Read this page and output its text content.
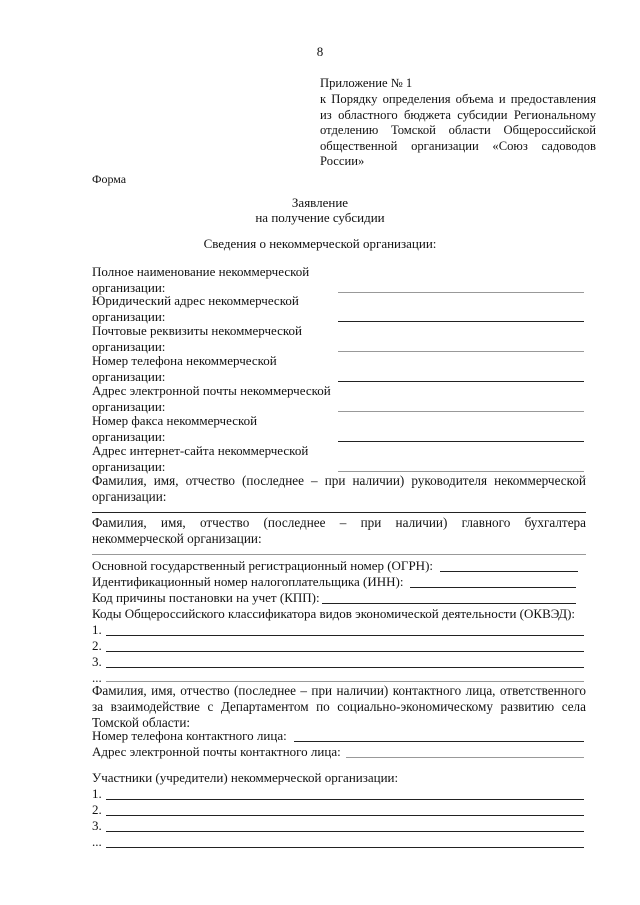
8
Приложение № 1
к Порядку определения объема и предоставления из областного бюджета субсидии Региональному отделению Томской области Общероссийской общественной организации «Союз садоводов России»
Форма
Заявление
на получение субсидии
Сведения о некоммерческой организации:
Полное наименование некоммерческой
организации:
Юридический адрес некоммерческой
организации:
Почтовые реквизиты некоммерческой
организации:
Номер телефона некоммерческой
организации:
Адрес электронной почты некоммерческой
организации:
Номер факса некоммерческой
организации:
Адрес интернет-сайта некоммерческой
организации:
Фамилия, имя, отчество (последнее – при наличии) руководителя некоммерческой организации:
Фамилия, имя, отчество (последнее – при наличии) главного бухгалтера некоммерческой организации:
Основной государственный регистрационный номер (ОГРН):
Идентификационный номер налогоплательщика (ИНН):
Код причины постановки на учет (КПП):
Коды Общероссийского классификатора видов экономической деятельности (ОКВЭД):
1.
2.
3.
...
Фамилия, имя, отчество (последнее – при наличии) контактного лица, ответственного за взаимодействие с Департаментом по социально-экономическому развитию села Томской области:
Номер телефона контактного лица:
Адрес электронной почты контактного лица:
Участники (учредители) некоммерческой организации:
1.
2.
3.
...
